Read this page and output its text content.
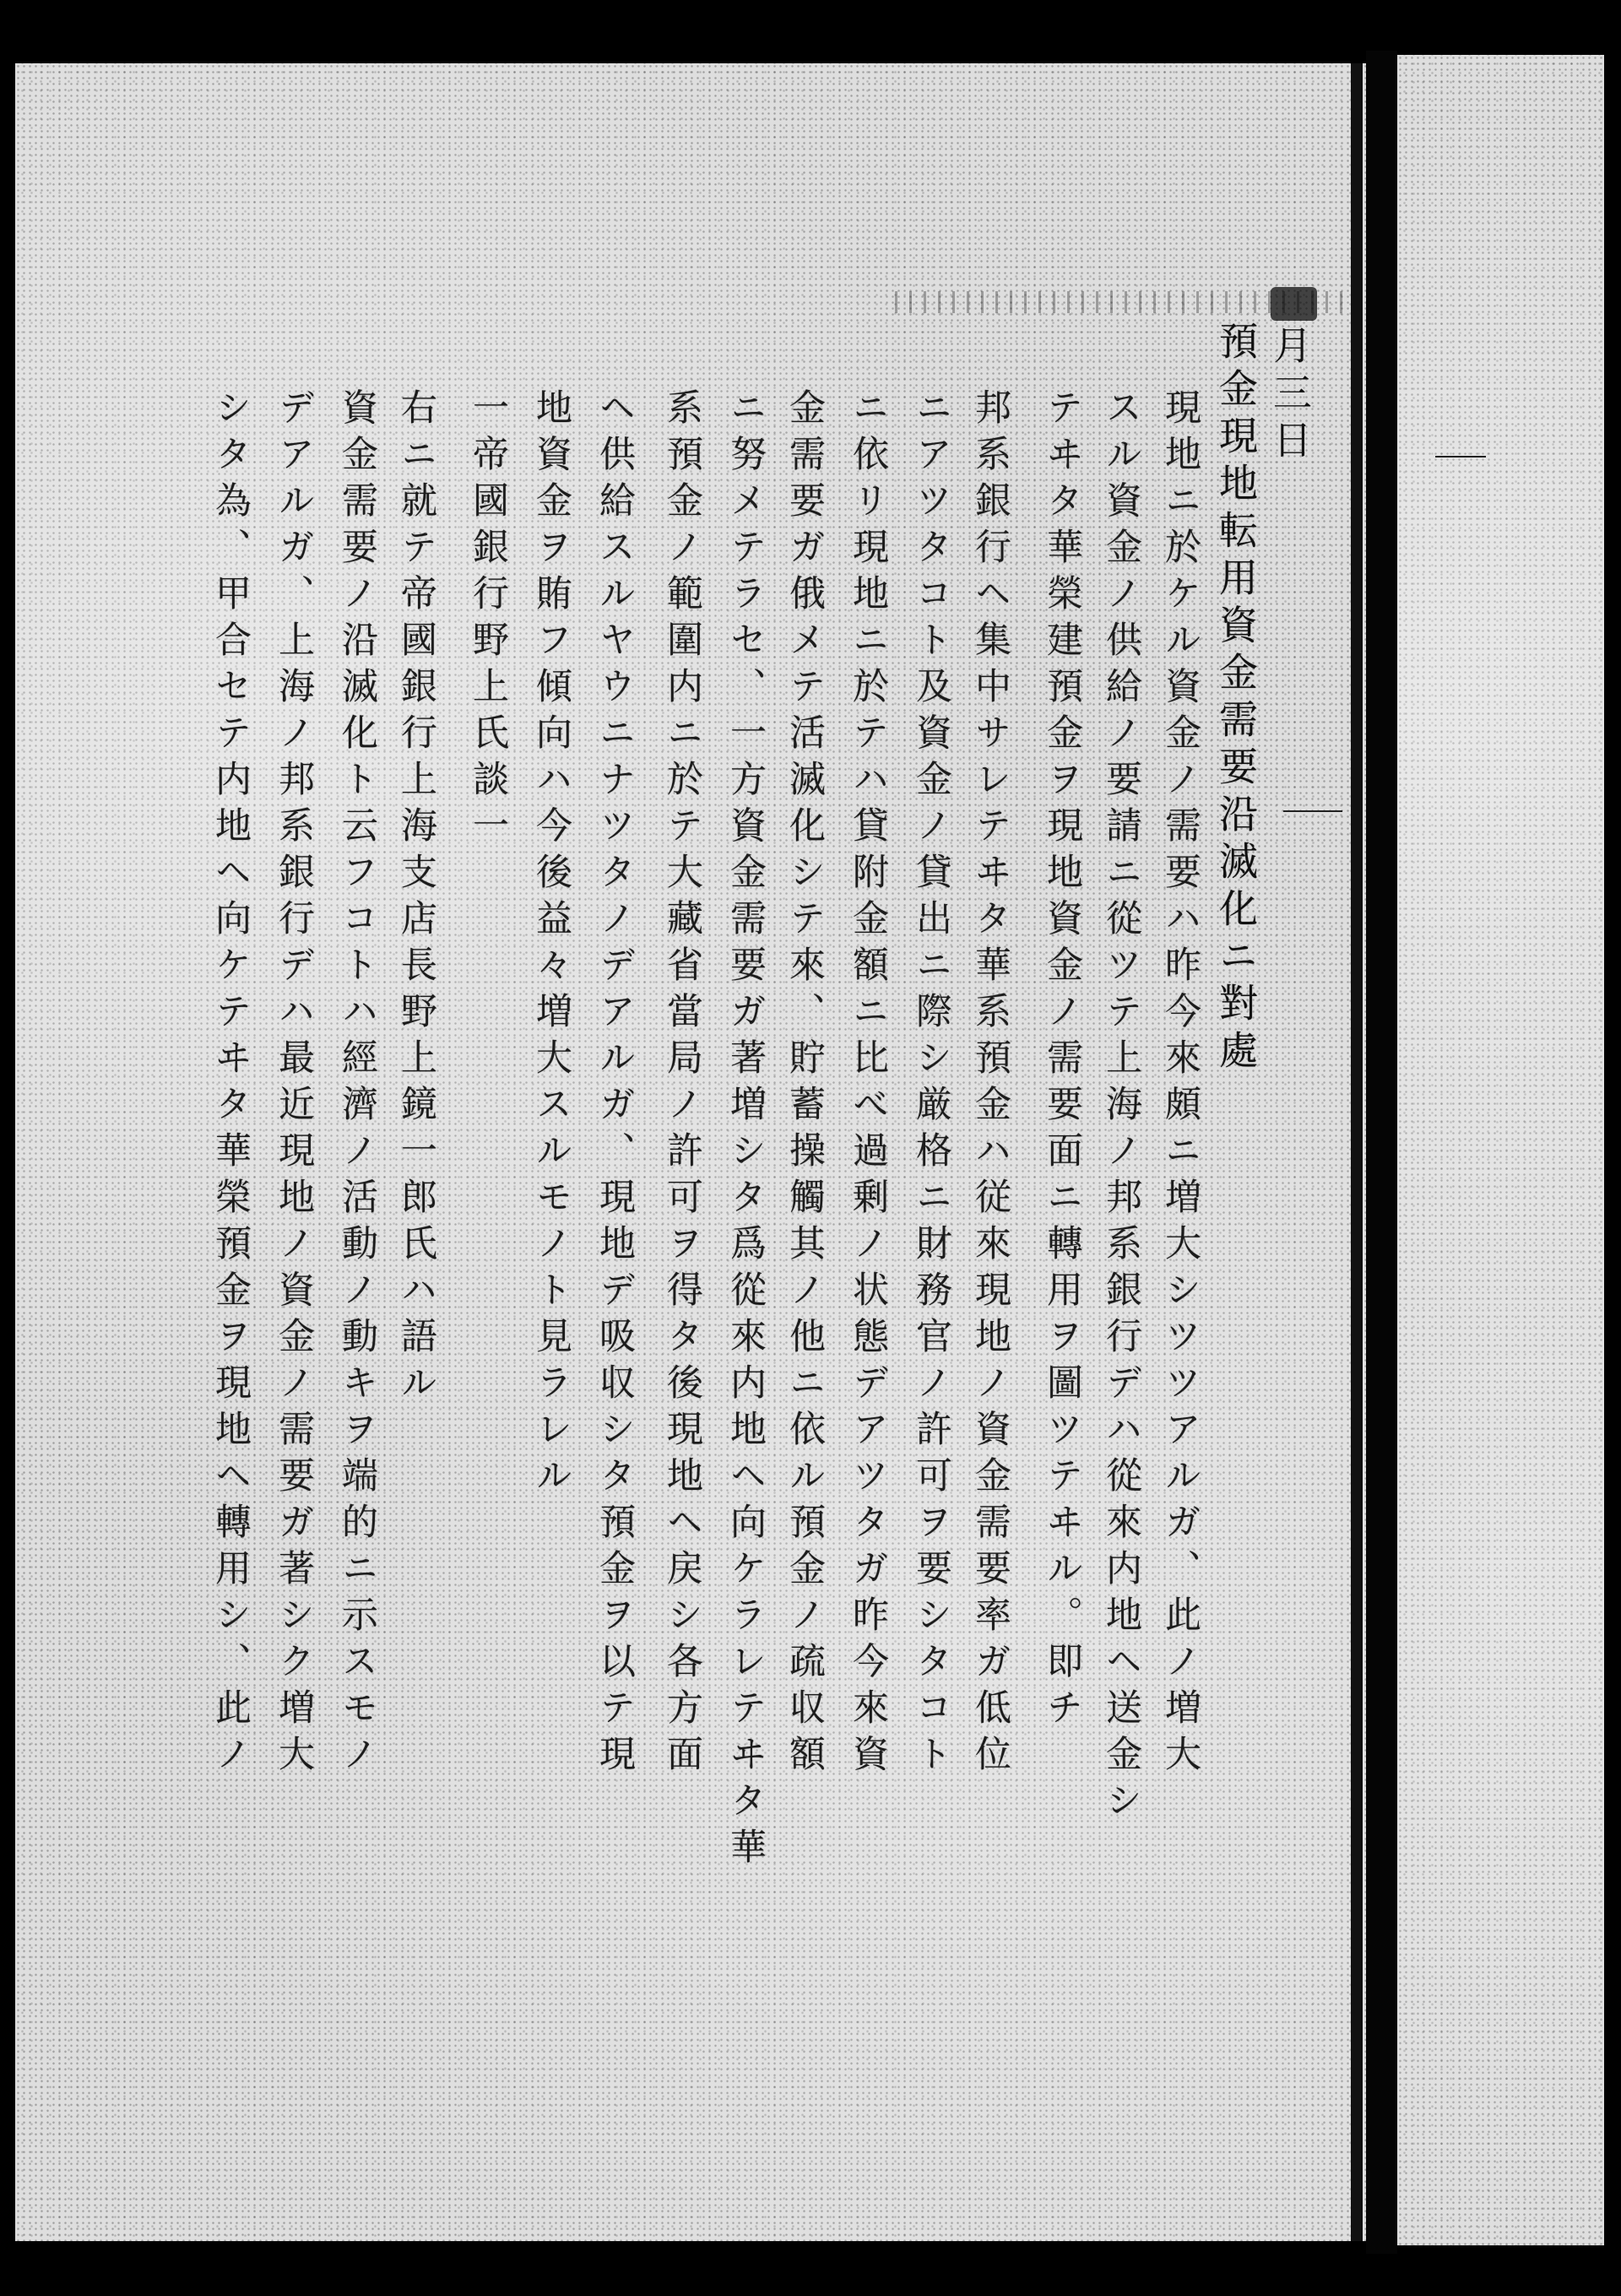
月三日
預金現地転用資金需要沿滅化ニ對處
現地ニ於ケル資金ノ需要ハ昨今來頗ニ増大シツツアルガ、此ノ増大
スル資金ノ供給ノ要請ニ從ツテ上海ノ邦系銀行デハ從來内地ヘ送金シ
テヰタ華榮建預金ヲ現地資金ノ需要面ニ轉用ヲ圖ツテヰル。即チ
邦系銀行ヘ集中サレテヰタ華系預金ハ従來現地ノ資金需要率ガ低位
ニアツタコト及資金ノ貸出ニ際シ厳格ニ財務官ノ許可ヲ要シタコト
ニ依リ現地ニ於テハ貸附金額ニ比べ過剰ノ状態デアツタガ昨今來資
金需要ガ俄メテ活滅化シテ來、貯蓄操觸其ノ他ニ依ル預金ノ疏収額
ニ努メテラセ、一方資金需要ガ著増シタ爲從來内地ヘ向ケラレテヰタ華
系預金ノ範圍内ニ於テ大藏省當局ノ許可ヲ得タ後現地ヘ戻シ各方面
ヘ供給スルヤウニナツタノデアルガ、現地デ吸収シタ預金ヲ以テ現
地資金ヲ賄フ傾向ハ今後益々増大スルモノト見ラレル
一帝國銀行野上氏談一
右ニ就テ帝國銀行上海支店長野上鏡一郎氏ハ語ル
資金需要ノ沿滅化ト云フコトハ經濟ノ活動ノ動キヲ端的ニ示スモノ
デアルガ、上海ノ邦系銀行デハ最近現地ノ資金ノ需要ガ著シク増大
シタ為、甲合セテ内地ヘ向ケテヰタ華榮預金ヲ現地ヘ轉用シ、此ノ
